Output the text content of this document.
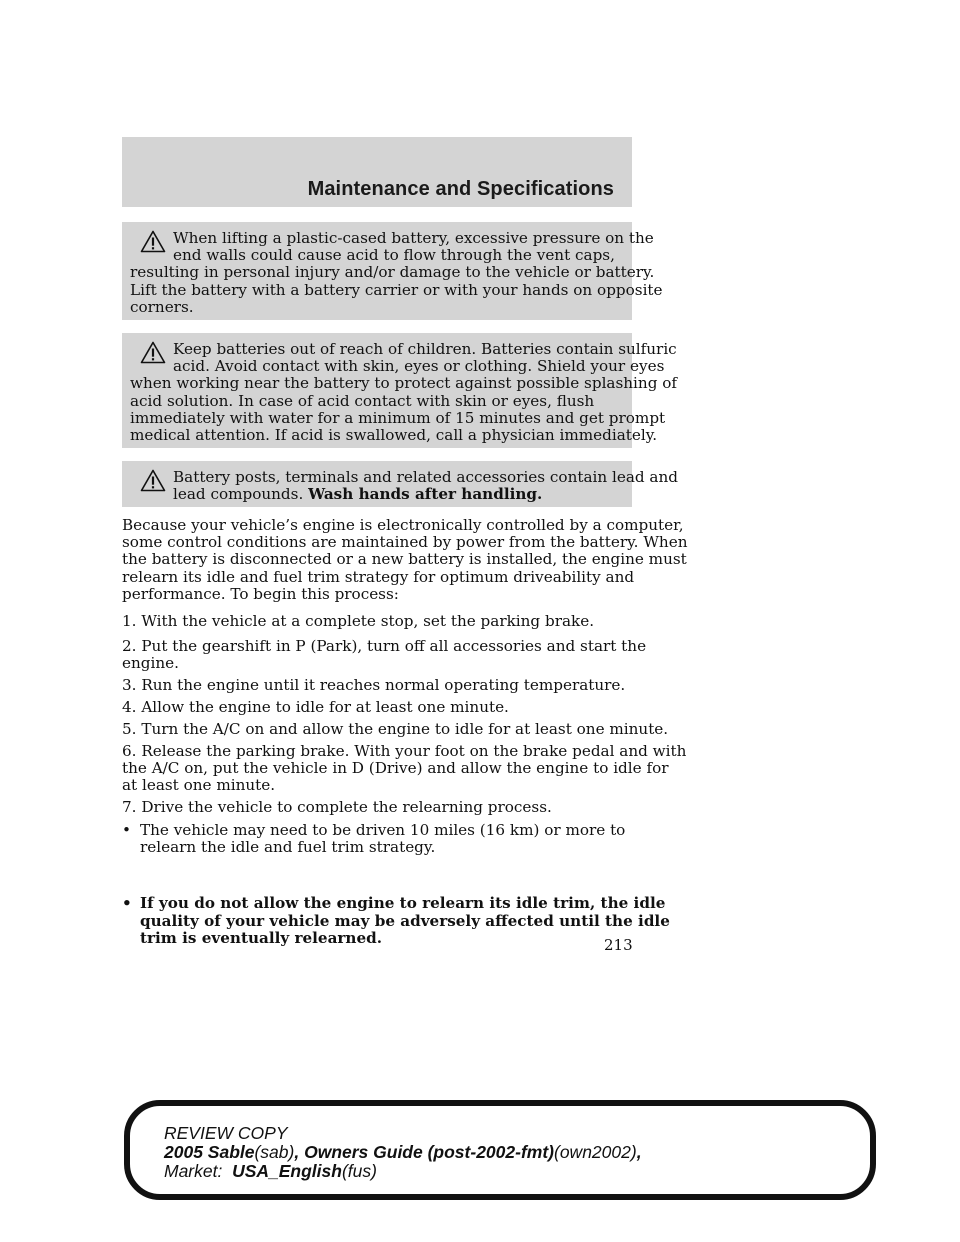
Maintenance and Specifications
When lifting a plastic-cased battery, excessive pressure on the
end walls could cause acid to flow through the vent caps,
resulting in personal injury and/or damage to the vehicle or battery.
Lift the battery with a battery carrier or with your hands on opposite
corners.
Keep batteries out of reach of children. Batteries contain sulfuric
acid. Avoid contact with skin, eyes or clothing. Shield your eyes
when working near the battery to protect against possible splashing of
acid solution. In case of acid contact with skin or eyes, flush
immediately with water for a minimum of 15 minutes and get prompt
medical attention. If acid is swallowed, call a physician immediately.
Battery posts, terminals and related accessories contain lead and
lead compounds. Wash hands after handling.
Because your vehicle’s engine is electronically controlled by a computer,
some control conditions are maintained by power from the battery. When
the battery is disconnected or a new battery is installed, the engine must
relearn its idle and fuel trim strategy for optimum driveability and
performance. To begin this process:
1. With the vehicle at a complete stop, set the parking brake.
2. Put the gearshift in P (Park), turn off all accessories and start the
engine.
3. Run the engine until it reaches normal operating temperature.
4. Allow the engine to idle for at least one minute.
5. Turn the A/C on and allow the engine to idle for at least one minute.
6. Release the parking brake. With your foot on the brake pedal and with
the A/C on, put the vehicle in D (Drive) and allow the engine to idle for
at least one minute.
7. Drive the vehicle to complete the relearning process.
• The vehicle may need to be driven 10 miles (16 km) or more to
relearn the idle and fuel trim strategy.
• If you do not allow the engine to relearn its idle trim, the idle
quality of your vehicle may be adversely affected until the idle
trim is eventually relearned.	213
REVIEW COPY
2005 Sable(sab), Owners Guide (post-2002-fmt)(own2002),
Market:  USA_English(fus)
